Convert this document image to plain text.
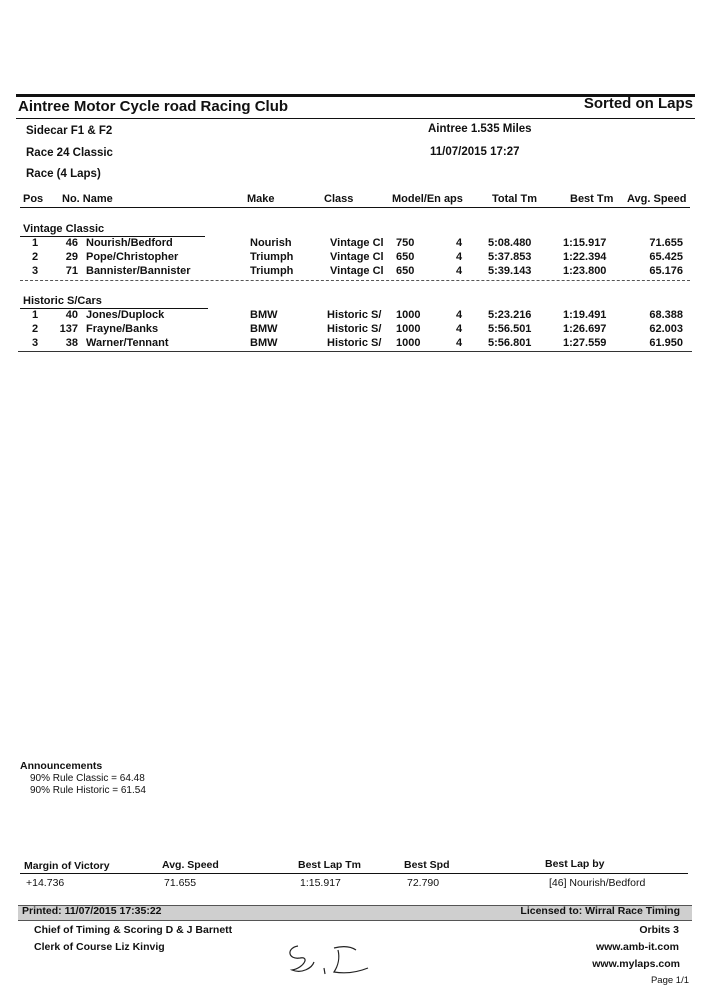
Aintree Motor Cycle road Racing Club	Sorted on Laps
Sidecar F1 & F2	Aintree 1.535 Miles
Race 24 Classic	11/07/2015 17:27
Race (4 Laps)
Pos No. Name	Make	Class	Model/En aps	Total Tm	Best Tm Avg. Speed
Vintage Classic
1	46 Nourish/Bedford	Nourish	Vintage Cl 750	4 5:08.480	1:15.917	71.655
2	29 Pope/Christopher	Triumph	Vintage Cl 650	4 5:37.853	1:22.394	65.425
3	71 Bannister/Bannister	Triumph	Vintage Cl 650	4 5:39.143	1:23.800	65.176
Historic S/Cars
1	40 Jones/Duplock	BMW	Historic S/ 1000	4 5:23.216	1:19.491	68.388
2	137 Frayne/Banks	BMW	Historic S/ 1000	4 5:56.501	1:26.697	62.003
3	38 Warner/Tennant	BMW	Historic S/ 1000	4 5:56.801	1:27.559	61.950
Announcements
90% Rule Classic = 64.48
90% Rule Historic = 61.54
Margin of Victory	Avg. Speed	Best Lap Tm	Best Spd	Best Lap by
+14.736	71.655	1:15.917	72.790	[46] Nourish/Bedford
Printed: 11/07/2015 17:35:22	Licensed to: Wirral Race Timing
Chief of Timing & Scoring D & J Barnett
Clerk of Course Liz Kinvig
Orbits 3
www.amb-it.com
www.mylaps.com
Page 1/1
